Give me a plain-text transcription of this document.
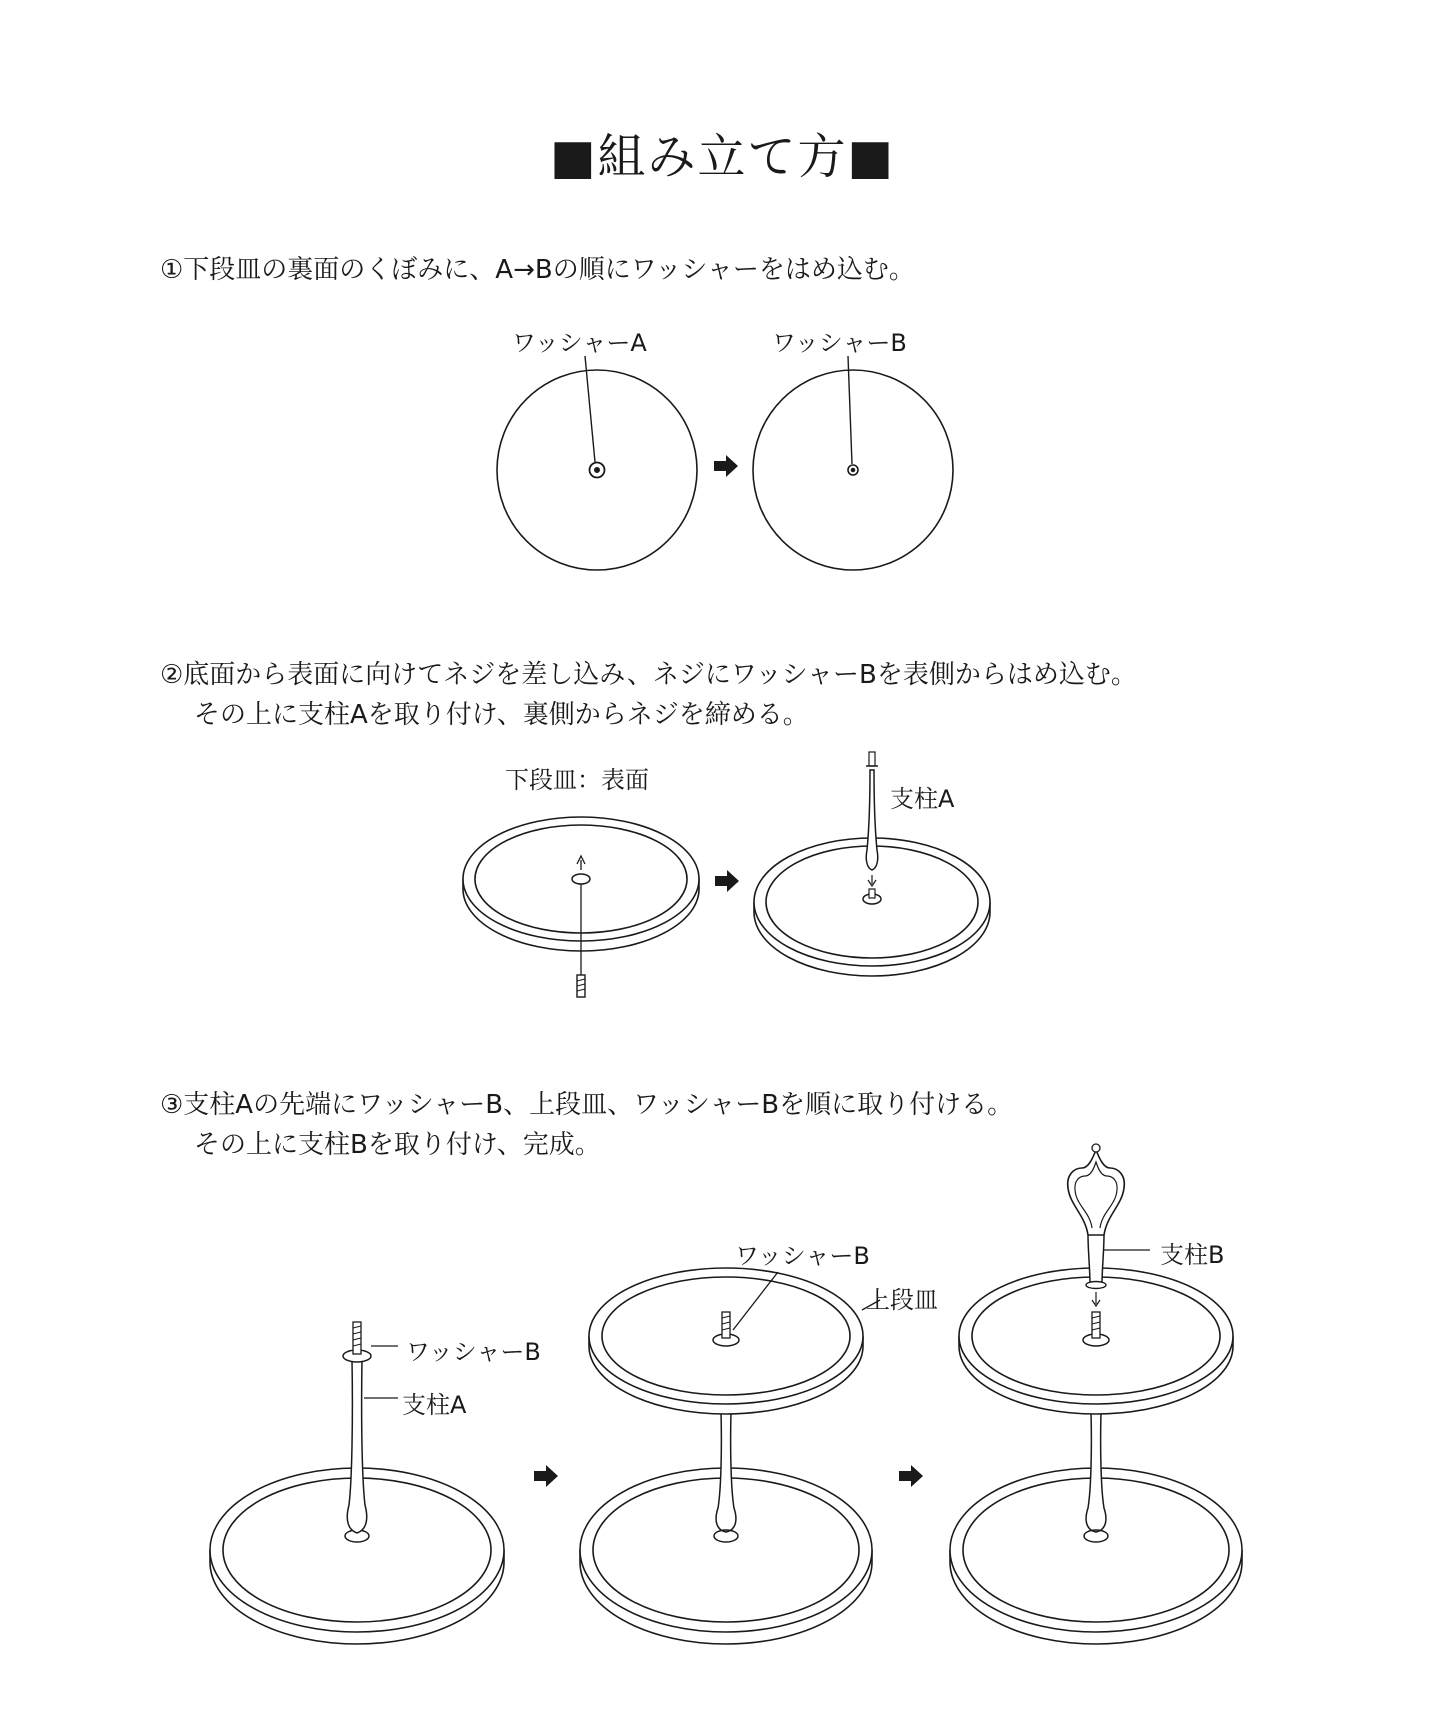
■組み立て方■

①下段皿の裏面のくぼみに、A→Bの順にワッシャーをはめ込む。

②底面から表面に向けてネジを差し込み、ネジにワッシャーBを表側からはめ込む。
その上に支柱Aを取り付け、裏側からネジを締める。

③支柱Aの先端にワッシャーB、上段皿、ワッシャーBを順に取り付ける。
その上に支柱Bを取り付け、完成。

ワッシャーA	ワッシャーB
下段皿：表面
支柱A
ワッシャーB
支柱A
ワッシャーB
上段皿
支柱B
